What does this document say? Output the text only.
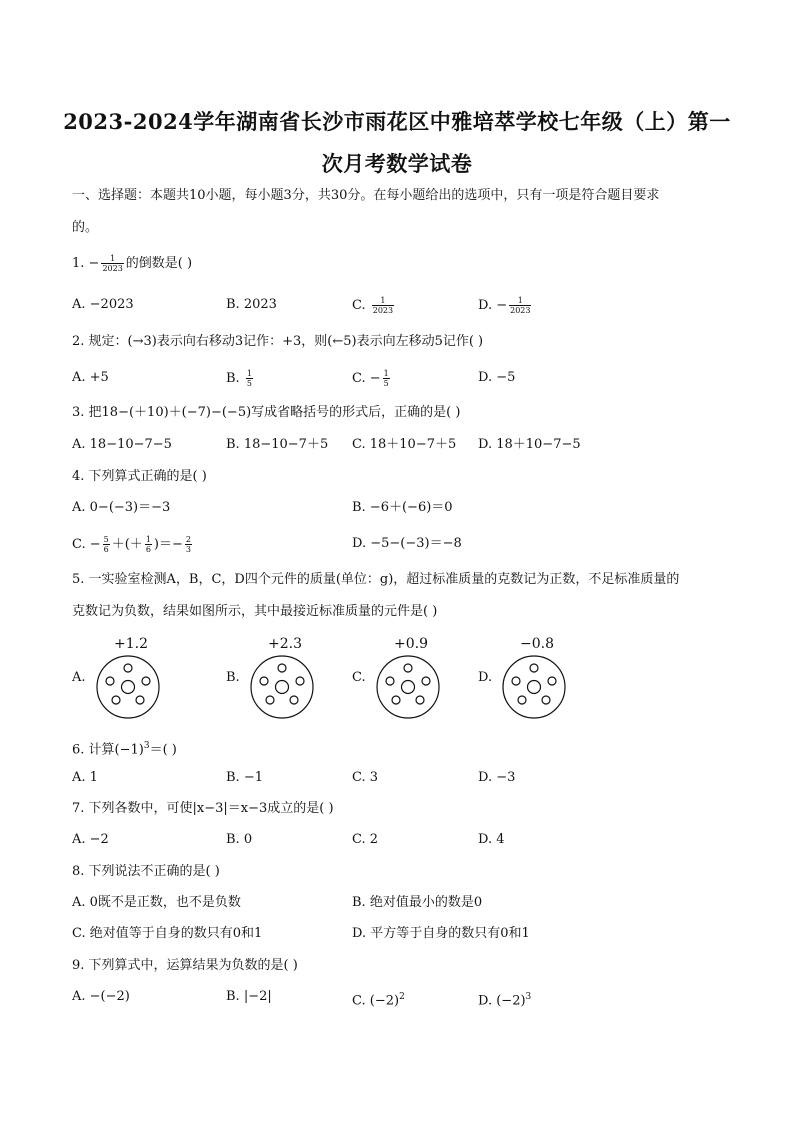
2023-2024学年湖南省长沙市雨花区中雅培萃学校七年级（上）第一
次月考数学试卷
一、选择题：本题共10小题，每小题3分，共30分。在每小题给出的选项中，只有一项是符合题目要求
的。
1. − $\frac{1}{2023}$ 的倒数是( )
A. −2023	B. 2023	C. $\frac{1}{2023}$	D. − $\frac{1}{2023}$
2. 规定：(→3)表示向右移动3记作：+3，则(←5)表示向左移动5记作( )
A. +5	B. $\frac{1}{5}$	C. − $\frac{1}{5}$	D. −5
3. 把18−(＋10)＋(−7)−(−5)写成省略括号的形式后，正确的是( )
A. 18−10−7−5	B. 18−10−7＋5 C. 18＋10−7＋5 D. 18＋10−7−5
4. 下列算式正确的是( )
A. 0−(−3)＝−3	B. −6＋(−6)＝0
C. − $\frac{5}{6}$ ＋(＋ $\frac{1}{6}$ )＝− $\frac{2}{3}$	D. −5−(−3)＝−8
5. 一实验室检测A，B，C，D四个元件的质量(单位：g)，超过标准质量的克数记为正数，不足标准质量的
克数记为负数，结果如图所示，其中最接近标准质量的元件是( )
A.
+1.2
B.
+2.3
C.
+0.9
D.
−0.8
6. 计算$(-1)^3=$( )
A. 1	B. −1	C. 3	D. −3
7. 下列各数中，可使|x−3|＝x−3成立的是( )
A. −2	B. 0	C. 2	D. 4
8. 下列说法不正确的是( )
A. 0既不是正数，也不是负数	B. 绝对值最小的数是0
C. 绝对值等于自身的数只有0和1	D. 平方等于自身的数只有0和1
9. 下列算式中，运算结果为负数的是( )
A. −(−2)	B. |−2|	C. $(-2)^2$	D. $(-2)^3$
